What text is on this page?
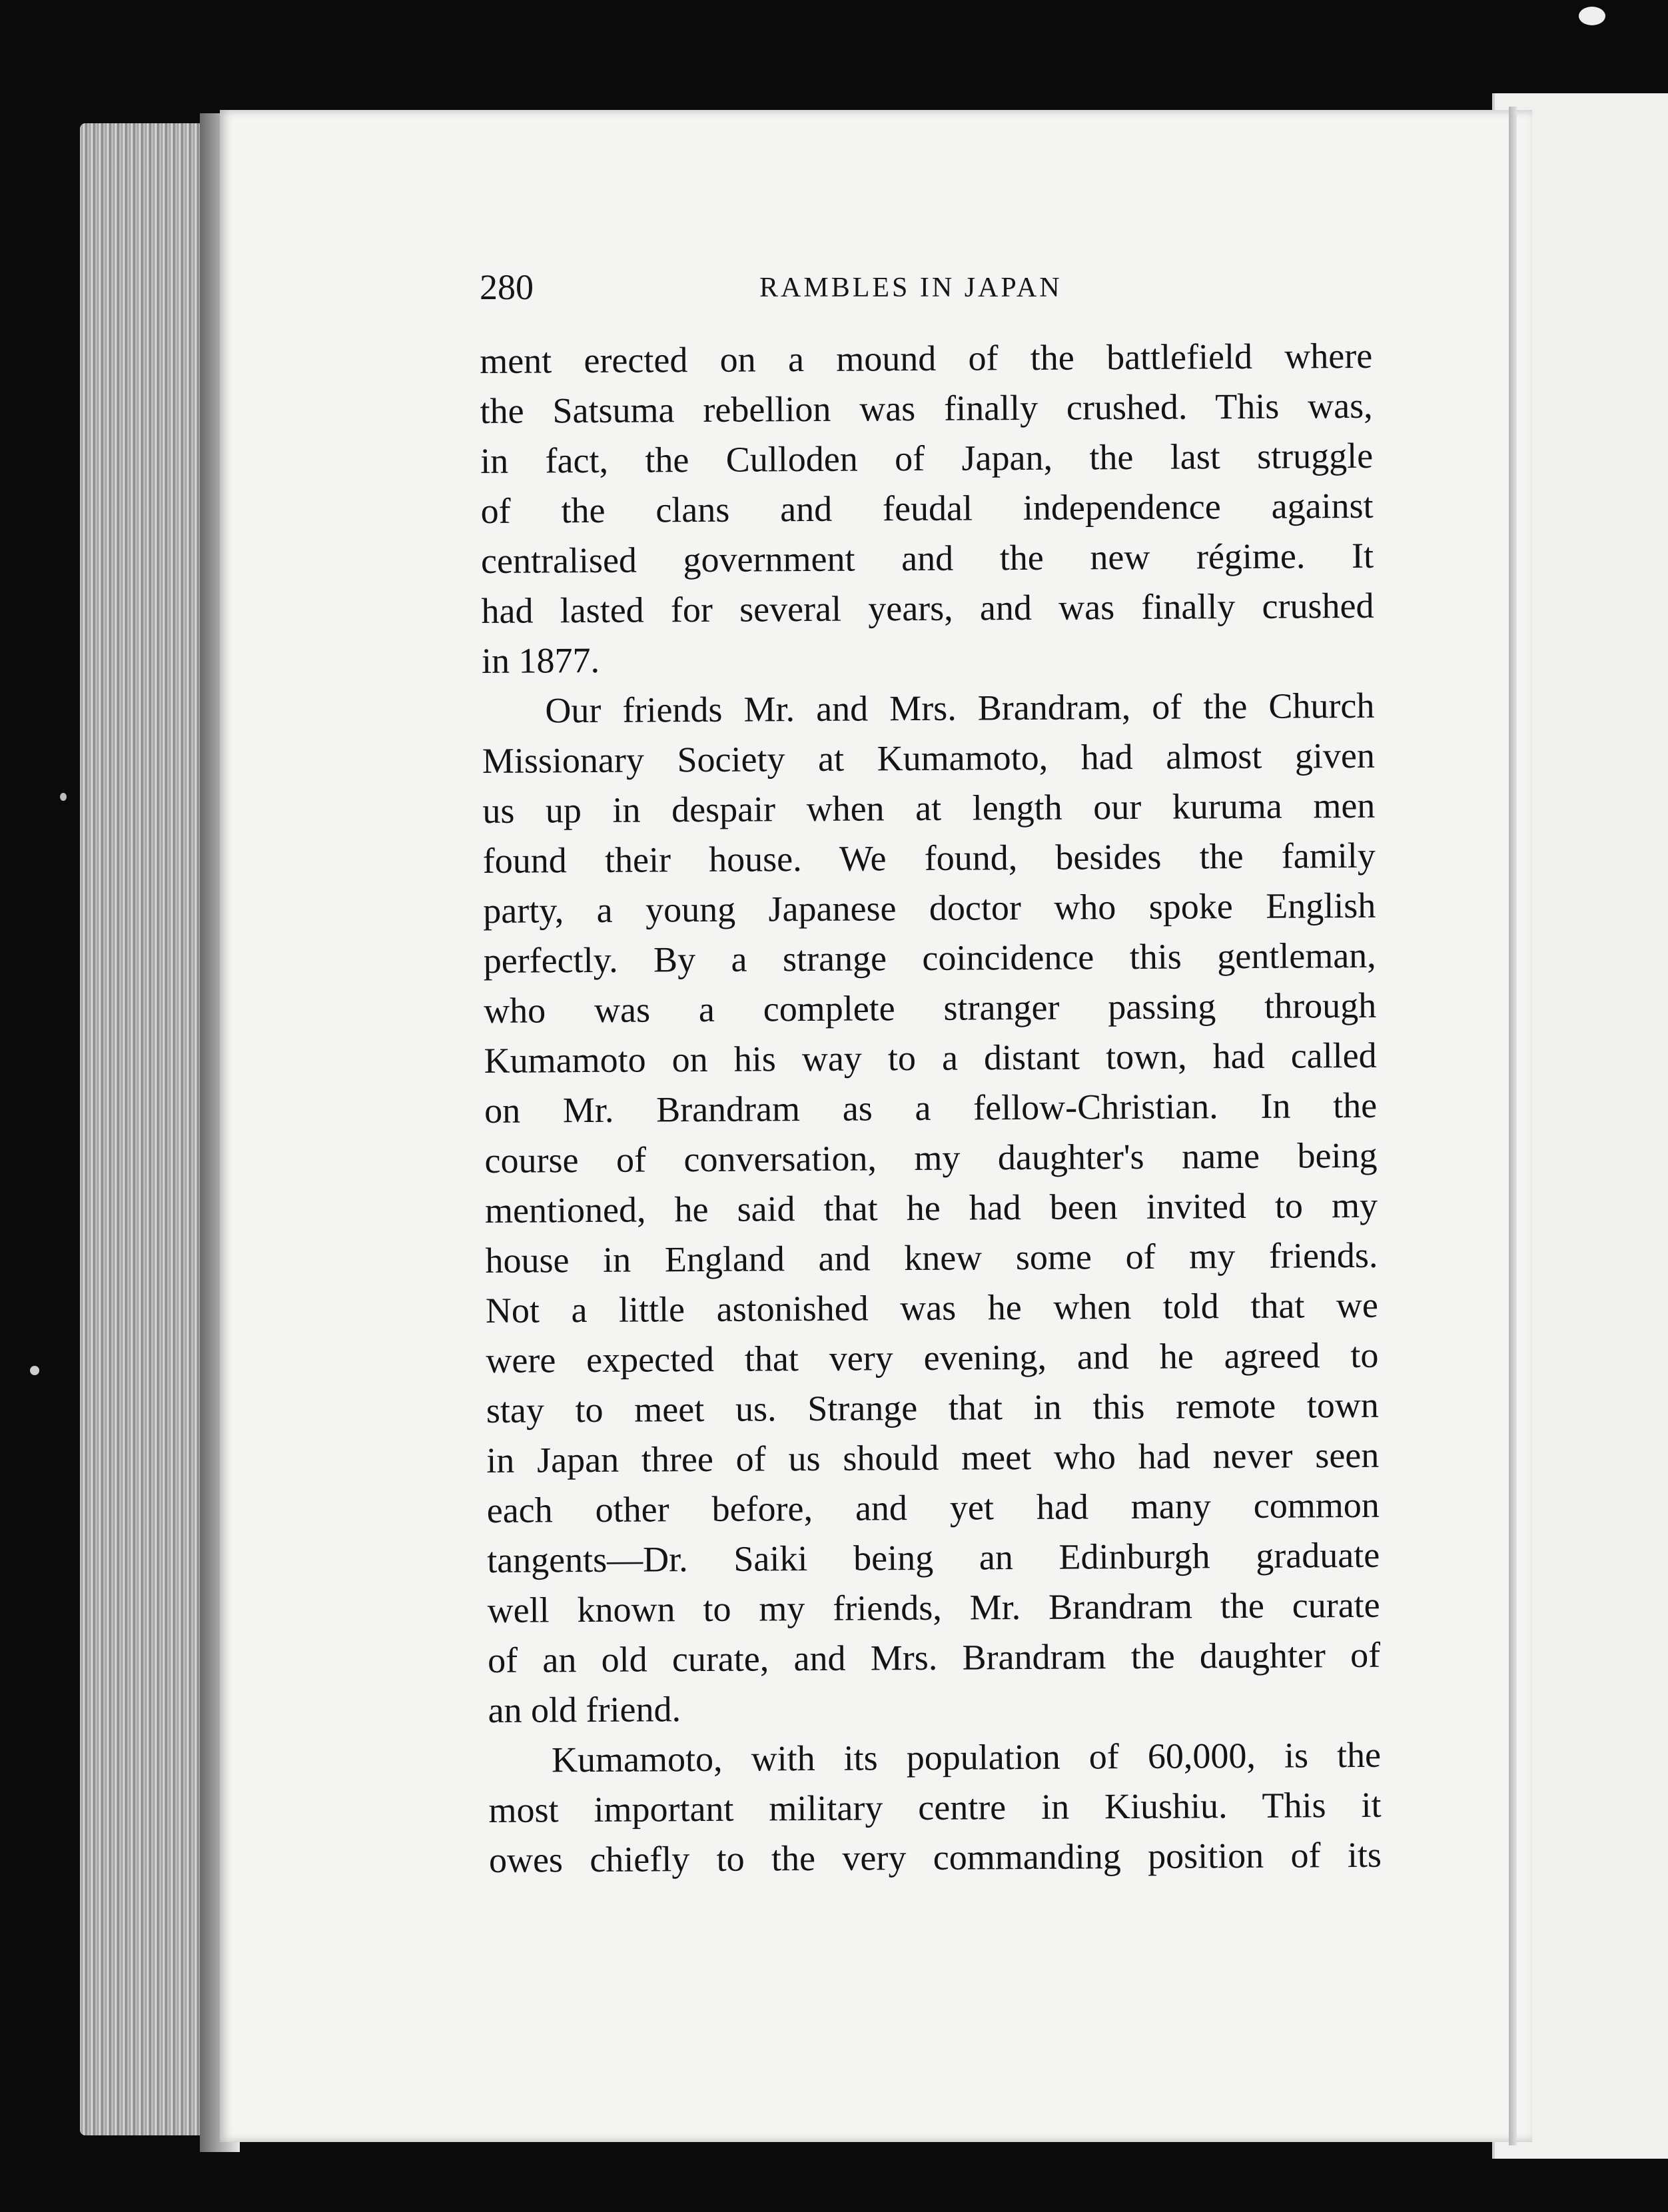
280	RAMBLES IN JAPAN
ment erected on a mound of the battlefield where
the Satsuma rebellion was finally crushed. This was,
in fact, the Culloden of Japan, the last struggle
of the clans and feudal independence against
centralised government and the new régime. It
had lasted for several years, and was finally crushed
in 1877.
Our friends Mr. and Mrs. Brandram, of the Church
Missionary Society at Kumamoto, had almost given
us up in despair when at length our kuruma men
found their house. We found, besides the family
party, a young Japanese doctor who spoke English
perfectly. By a strange coincidence this gentleman,
who was a complete stranger passing through
Kumamoto on his way to a distant town, had called
on Mr. Brandram as a fellow-Christian. In the
course of conversation, my daughter's name being
mentioned, he said that he had been invited to my
house in England and knew some of my friends.
Not a little astonished was he when told that we
were expected that very evening, and he agreed to
stay to meet us. Strange that in this remote town
in Japan three of us should meet who had never seen
each other before, and yet had many common
tangents—Dr. Saiki being an Edinburgh graduate
well known to my friends, Mr. Brandram the curate
of an old curate, and Mrs. Brandram the daughter of
an old friend.
Kumamoto, with its population of 60,000, is the
most important military centre in Kiushiu. This it
owes chiefly to the very commanding position of its
